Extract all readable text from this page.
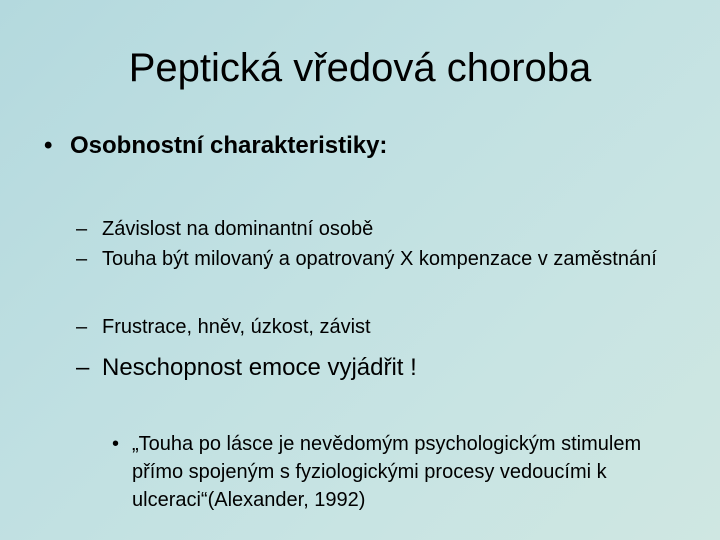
Peptická vředová choroba
• Osobnostní charakteristiky:
– Závislost na dominantní osobě
– Touha být milovaný a opatrovaný X kompenzace v zaměstnání
– Frustrace, hněv, úzkost, závist
– Neschopnost emoce vyjádřit !
• „Touha po lásce je nevědomým psychologickým stimulem přímo spojeným s fyziologickými procesy vedoucími k ulceraci“(Alexander, 1992)
